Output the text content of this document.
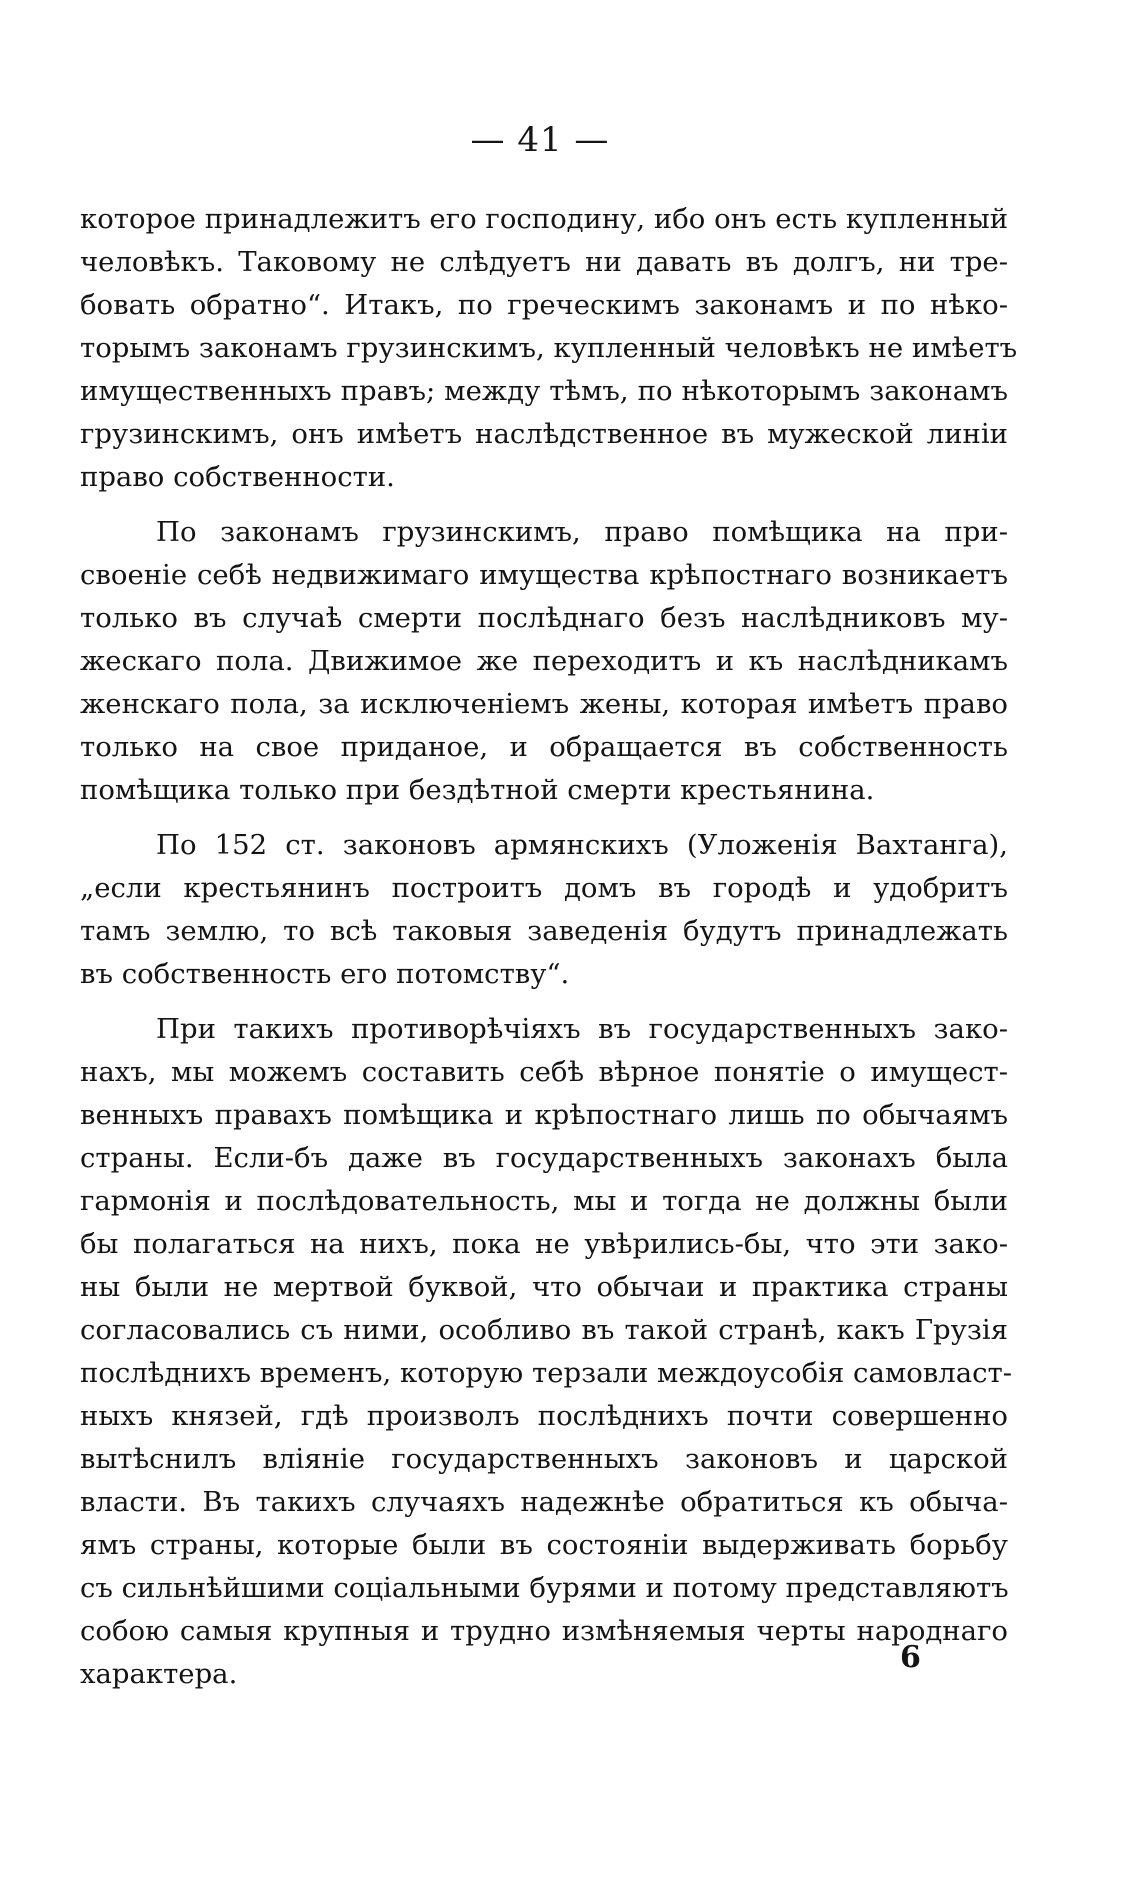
— 41 —
которое принадлежитъ его господину, ибо онъ есть купленный
человѣкъ. Таковому не слѣдуетъ ни давать въ долгъ, ни тре-
бовать обратно“. Итакъ, по греческимъ законамъ и по нѣко-
торымъ законамъ грузинскимъ, купленный человѣкъ не имѣетъ
имущественныхъ правъ; между тѣмъ, по нѣкоторымъ законамъ
грузинскимъ, онъ имѣетъ наслѣдственное въ мужеской линіи
право собственности.
По законамъ грузинскимъ, право помѣщика на при-
своеніе себѣ недвижимаго имущества крѣпостнаго возникаетъ
только въ случаѣ смерти послѣднаго безъ наслѣдниковъ му-
жескаго пола. Движимое же переходитъ и къ наслѣдникамъ
женскаго пола, за исключеніемъ жены, которая имѣетъ право
только на свое приданое, и обращается въ собственность
помѣщика только при бездѣтной смерти крестьянина.
По 152 ст. законовъ армянскихъ (Уложенія Вахтанга),
„если крестьянинъ построитъ домъ въ городѣ и удобритъ
тамъ землю, то всѣ таковыя заведенія будутъ принадлежать
въ собственность его потомству“.
При такихъ противорѣчіяхъ въ государственныхъ зако-
нахъ, мы можемъ составить себѣ вѣрное понятіе о имущест-
венныхъ правахъ помѣщика и крѣпостнаго лишь по обычаямъ
страны. Если-бъ даже въ государственныхъ законахъ была
гармонія и послѣдовательность, мы и тогда не должны были
бы полагаться на нихъ, пока не увѣрились-бы, что эти зако-
ны были не мертвой буквой, что обычаи и практика страны
согласовались съ ними, особливо въ такой странѣ, какъ Грузія
послѣднихъ временъ, которую терзали междоусобія самовласт-
ныхъ князей, гдѣ произволъ послѣднихъ почти совершенно
вытѣснилъ вліяніе государственныхъ законовъ и царской
власти. Въ такихъ случаяхъ надежнѣе обратиться къ обыча-
ямъ страны, которые были въ состояніи выдерживать борьбу
съ сильнѣйшими соціальными бурями и потому представляютъ
собою самыя крупныя и трудно измѣняемыя черты народнаго
характера.	6
